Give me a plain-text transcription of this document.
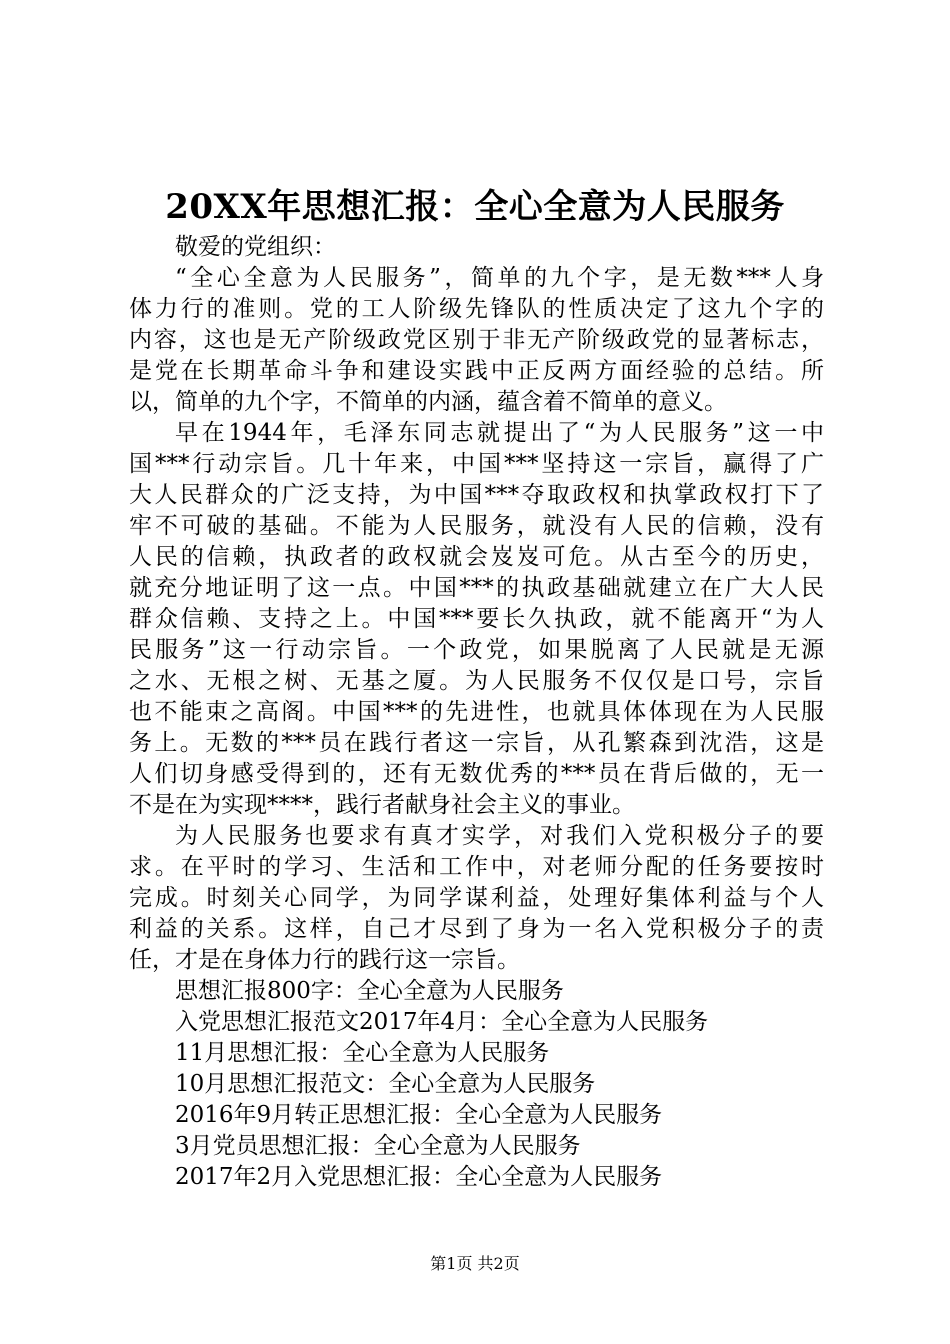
20XX年思想汇报：全心全意为人民服务
敬爱的党组织：
“全心全意为人民服务”，简单的九个字，是无数***人身
体力行的准则。党的工人阶级先锋队的性质决定了这九个字的
内容，这也是无产阶级政党区别于非无产阶级政党的显著标志，
是党在长期革命斗争和建设实践中正反两方面经验的总结。所
以，简单的九个字，不简单的内涵，蕴含着不简单的意义。
早在1944年，毛泽东同志就提出了“为人民服务”这一中
国***行动宗旨。几十年来，中国***坚持这一宗旨，赢得了广
大人民群众的广泛支持，为中国***夺取政权和执掌政权打下了
牢不可破的基础。不能为人民服务，就没有人民的信赖，没有
人民的信赖，执政者的政权就会岌岌可危。从古至今的历史，
就充分地证明了这一点。中国***的执政基础就建立在广大人民
群众信赖、支持之上。中国***要长久执政，就不能离开“为人
民服务”这一行动宗旨。一个政党，如果脱离了人民就是无源
之水、无根之树、无基之厦。为人民服务不仅仅是口号，宗旨
也不能束之高阁。中国***的先进性，也就具体体现在为人民服
务上。无数的***员在践行者这一宗旨，从孔繁森到沈浩，这是
人们切身感受得到的，还有无数优秀的***员在背后做的，无一
不是在为实现****，践行者献身社会主义的事业。
为人民服务也要求有真才实学，对我们入党积极分子的要
求。在平时的学习、生活和工作中，对老师分配的任务要按时
完成。时刻关心同学，为同学谋利益，处理好集体利益与个人
利益的关系。这样，自己才尽到了身为一名入党积极分子的责
任，才是在身体力行的践行这一宗旨。
思想汇报800字：全心全意为人民服务
入党思想汇报范文2017年4月：全心全意为人民服务
11月思想汇报：全心全意为人民服务
10月思想汇报范文：全心全意为人民服务
2016年9月转正思想汇报：全心全意为人民服务
3月党员思想汇报：全心全意为人民服务
2017年2月入党思想汇报：全心全意为人民服务
第1页 共2页
